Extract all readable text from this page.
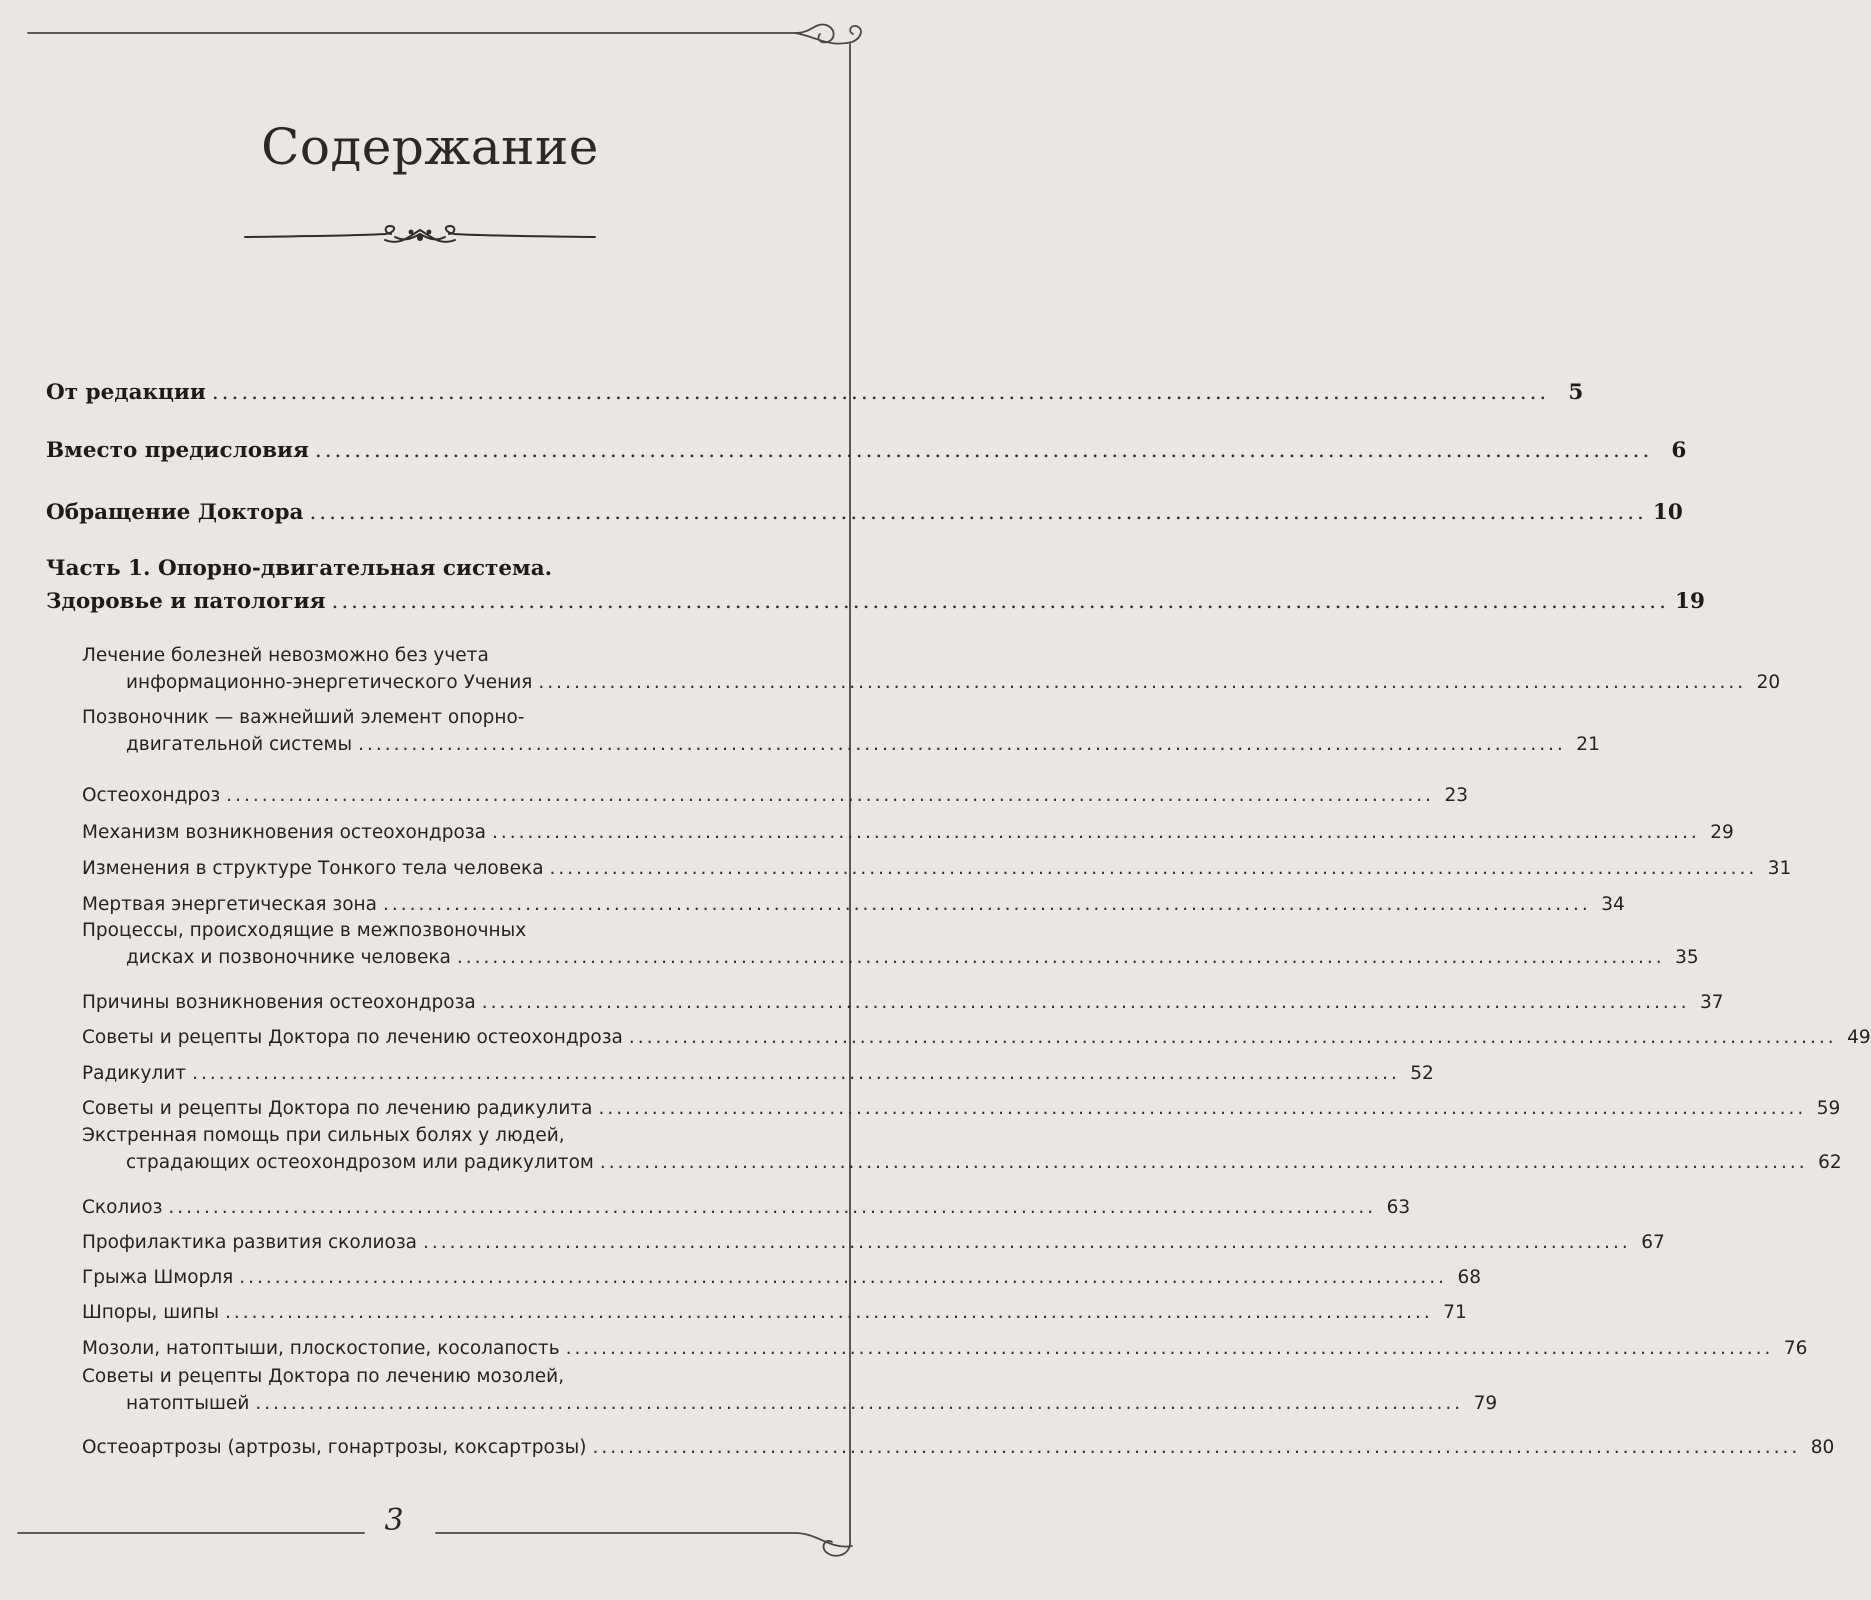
Содержание
От редакции ........................................................................................................................................ 5
Вместо предисловия ........................................................................................................................................ 6
Обращение Доктора ........................................................................................................................................ 10
Часть 1. Опорно-двигательная система.
Здоровье и патология ........................................................................................................................................ 19
Лечение болезней невозможно без учета
информационно-энергетического Учения ........................................................................................................................................ 20
Позвоночник — важнейший элемент опорно-
двигательной системы ........................................................................................................................................ 21
Остеохондроз ........................................................................................................................................ 23
Механизм возникновения остеохондроза ........................................................................................................................................ 29
Изменения в структуре Тонкого тела человека ........................................................................................................................................ 31
Мертвая энергетическая зона ........................................................................................................................................ 34
Процессы, происходящие в межпозвоночных
дисках и позвоночнике человека ........................................................................................................................................ 35
Причины возникновения остеохондроза ........................................................................................................................................ 37
Советы и рецепты Доктора по лечению остеохондроза ........................................................................................................................................ 49
Радикулит ........................................................................................................................................ 52
Советы и рецепты Доктора по лечению радикулита ........................................................................................................................................ 59
Экстренная помощь при сильных болях у людей,
страдающих остеохондрозом или радикулитом ........................................................................................................................................ 62
Сколиоз ........................................................................................................................................ 63
Профилактика развития сколиоза ........................................................................................................................................ 67
Грыжа Шморля ........................................................................................................................................ 68
Шпоры, шипы ........................................................................................................................................ 71
Мозоли, натоптыши, плоскостопие, косолапость ........................................................................................................................................ 76
Советы и рецепты Доктора по лечению мозолей,
натоптышей ........................................................................................................................................ 79
Остеоартрозы (артрозы, гонартрозы, коксартрозы) ........................................................................................................................................ 80
3
